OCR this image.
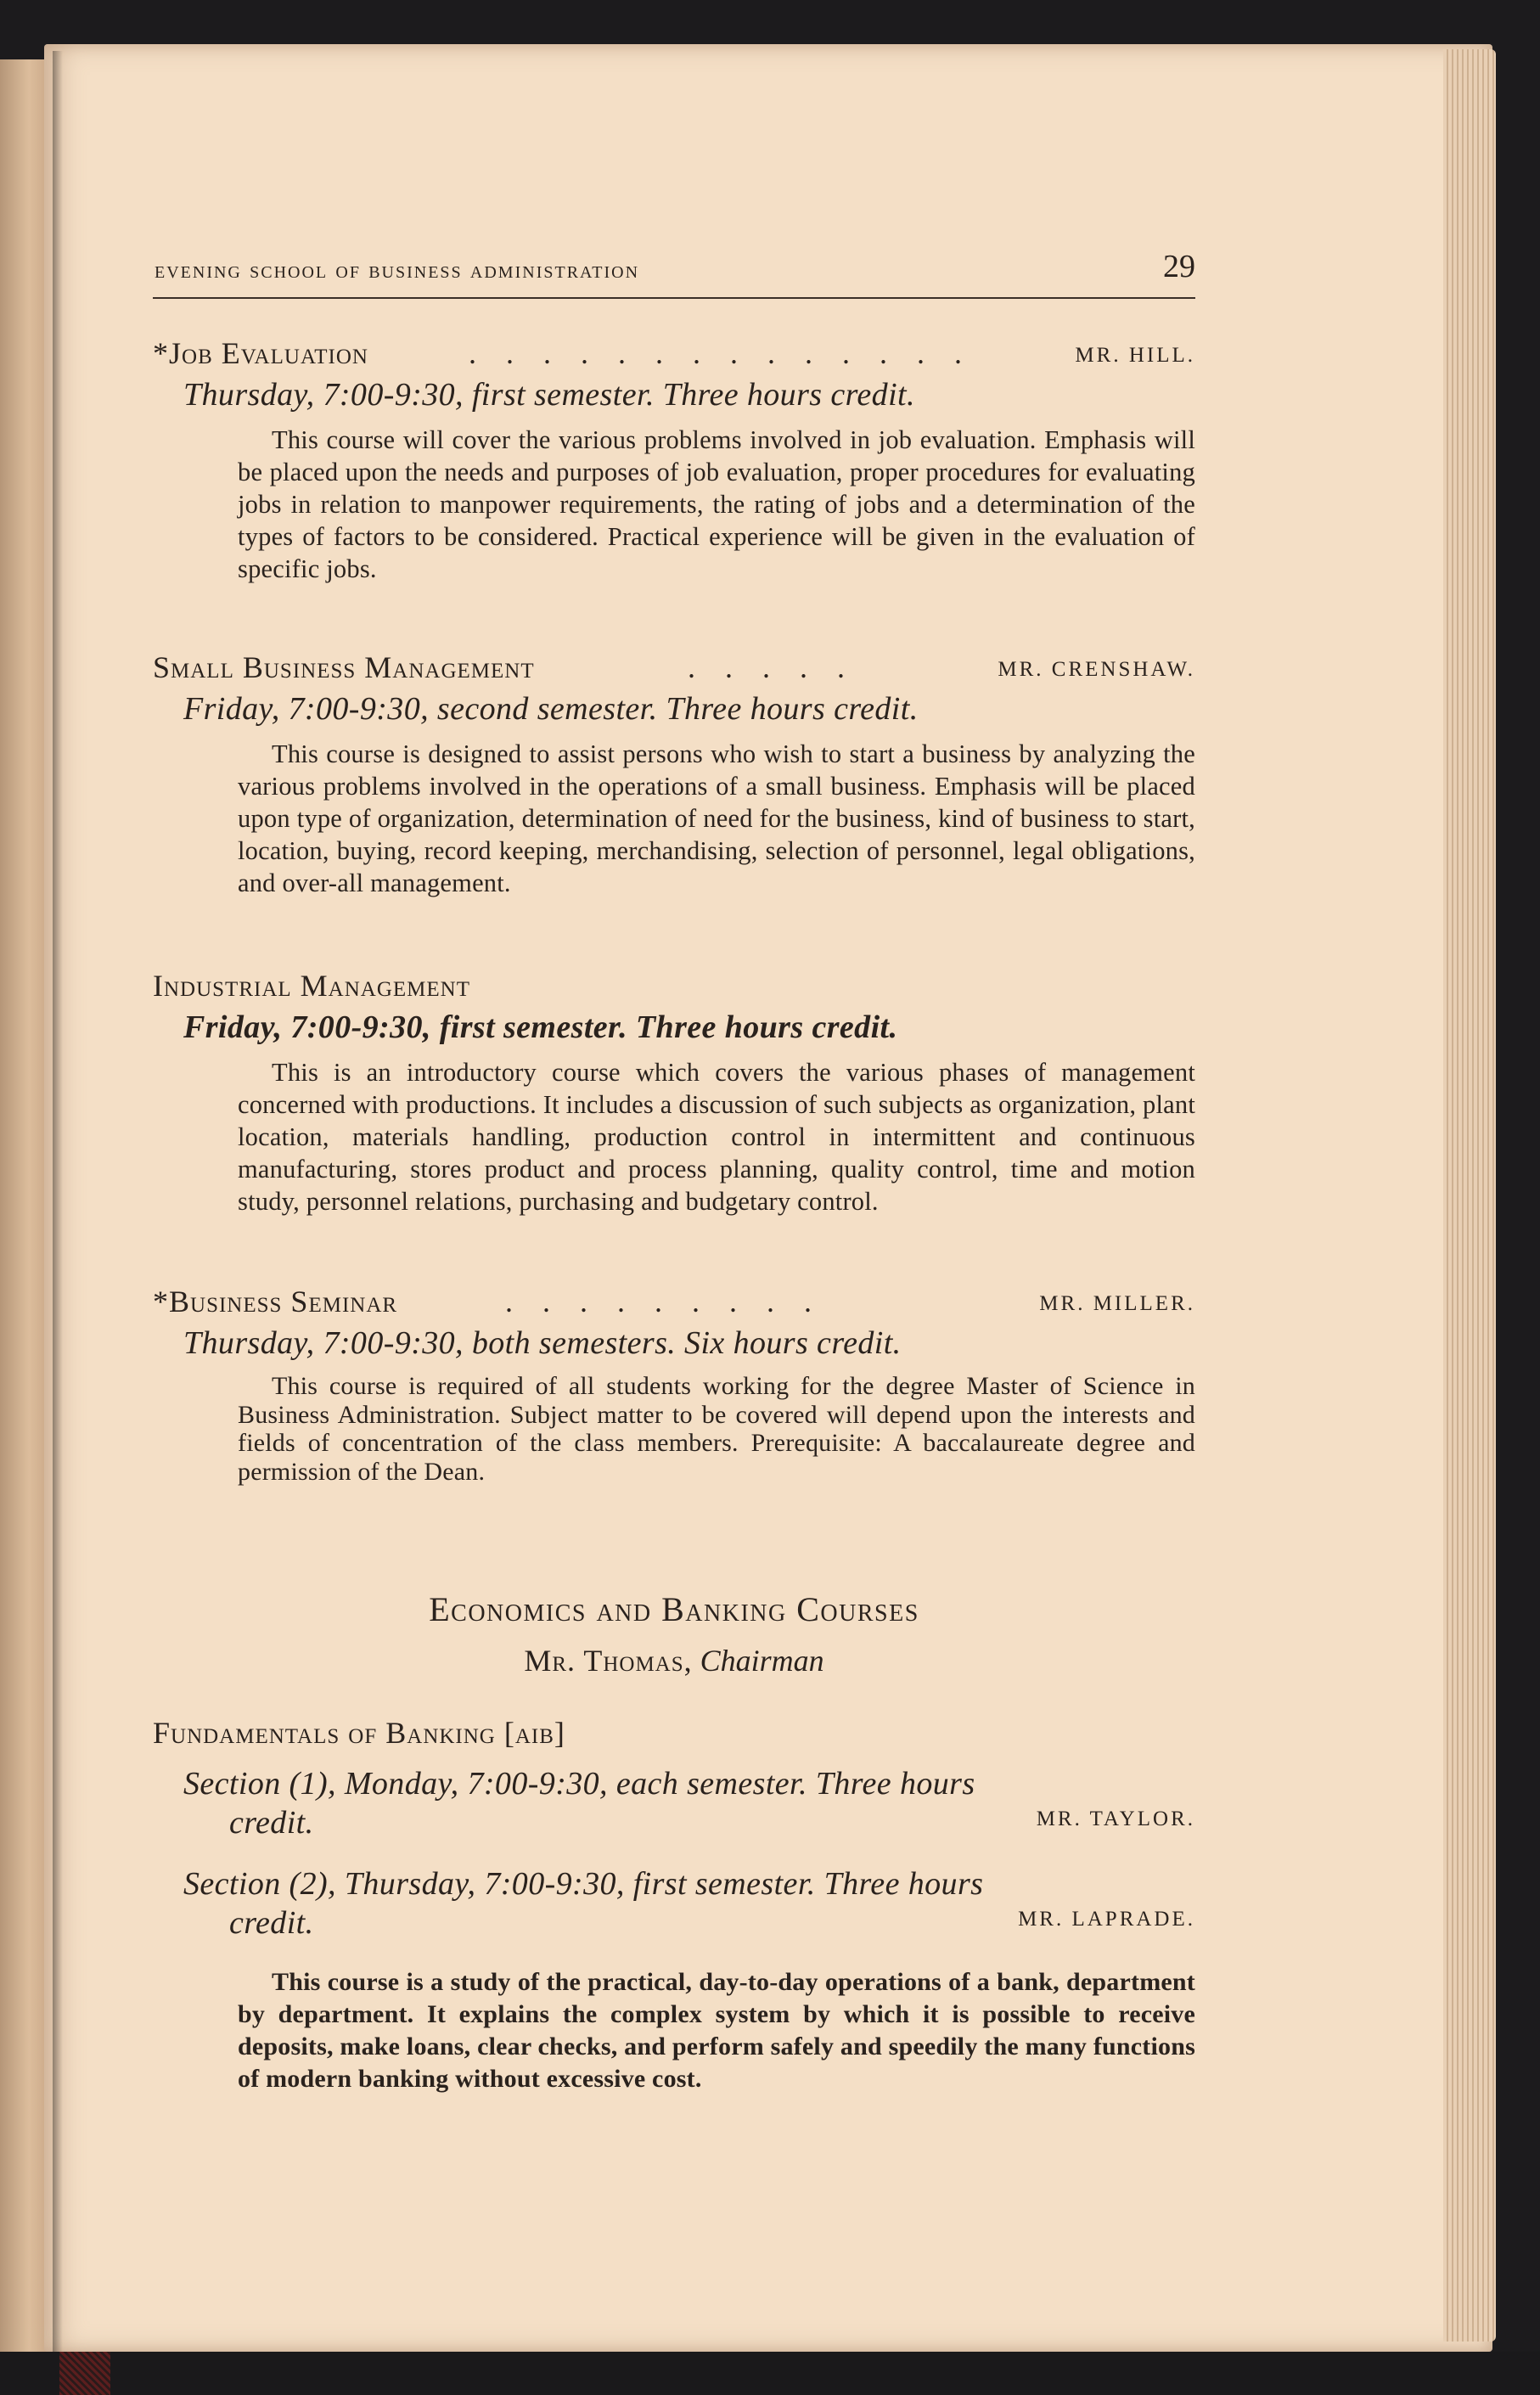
evening school of business administration	29
*Job Evaluation	. . . . . . . . . . . . . .	MR. HILL.
Thursday, 7:00-9:30, first semester. Three hours credit.
This course will cover the various problems involved in job evaluation. Emphasis will be placed upon the needs and purposes of job evaluation, proper procedures for evaluating jobs in relation to manpower requirements, the rating of jobs and a determination of the types of factors to be considered. Practical experience will be given in the evaluation of specific jobs.
Small Business Management	. . . . .	MR. CRENSHAW.
Friday, 7:00-9:30, second semester. Three hours credit.
This course is designed to assist persons who wish to start a business by analyzing the various problems involved in the operations of a small business. Emphasis will be placed upon type of organization, determination of need for the business, kind of business to start, location, buying, record keeping, merchandising, selection of personnel, legal obligations, and over-all management.
Industrial Management
Friday, 7:00-9:30, first semester. Three hours credit.
This is an introductory course which covers the various phases of management concerned with productions. It includes a discussion of such subjects as organization, plant location, materials handling, production control in intermittent and continuous manufacturing, stores product and process planning, quality control, time and motion study, personnel relations, purchasing and budgetary control.
*Business Seminar	. . . . . . . . .	MR. MILLER.
Thursday, 7:00-9:30, both semesters. Six hours credit.
This course is required of all students working for the degree Master of Science in Business Administration. Subject matter to be covered will depend upon the interests and fields of concentration of the class members. Prerequisite: A baccalaureate degree and permission of the Dean.
Economics and Banking Courses
Mr. Thomas, Chairman
Fundamentals of Banking [aib]
Section (1), Monday, 7:00-9:30, each semester. Three hours
credit.	MR. TAYLOR.
Section (2), Thursday, 7:00-9:30, first semester. Three hours
credit.	MR. LAPRADE.
This course is a study of the practical, day-to-day operations of a bank, department by department. It explains the complex system by which it is possible to receive deposits, make loans, clear checks, and perform safely and speedily the many functions of modern banking without excessive cost.
